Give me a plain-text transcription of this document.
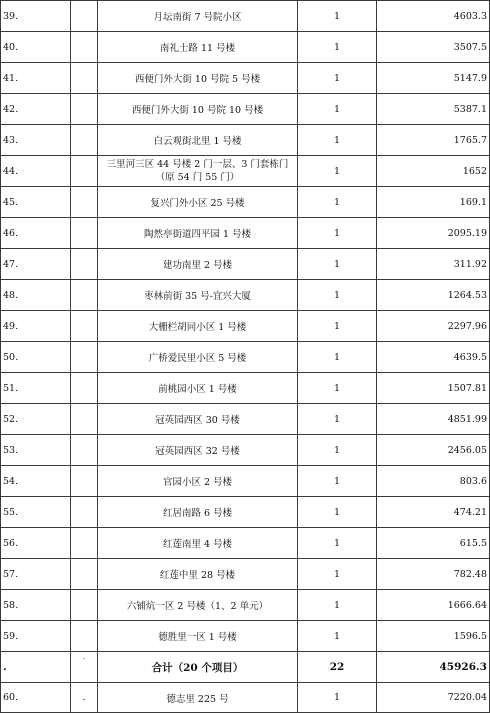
39.		月坛南街 7 号院小区	1	4603.3
40.		南礼士路 11 号楼	1	3507.5
41.		西便门外大街 10 号院 5 号楼	1	5147.9
42.		西便门外大街 10 号院 10 号楼	1	5387.1
43.		白云观街北里 1 号楼	1	1765.7
44.		三里河三区 44 号楼 2 门一层、3 门套栋门（原 54 门 55 门）	1	1652
45.		复兴门外小区 25 号楼	1	169.1
46.		陶然亭街道四平园 1 号楼	1	2095.19
47.		建功南里 2 号楼	1	311.92
48.		枣林前街 35 号-宜兴大厦	1	1264.53
49.		大栅栏胡同小区 1 号楼	1	2297.96
50.		广桥爱民里小区 5 号楼	1	4639.5
51.		前桃园小区 1 号楼	1	1507.81
52.		冠英园西区 30 号楼	1	4851.99
53.		冠英园西区 32 号楼	1	2456.05
54.		官园小区 2 号楼	1	803.6
55.		红居南路 6 号楼	1	474.21
56.		红莲南里 4 号楼	1	615.5
57.		红莲中里 28 号楼	1	782.48
58.		六铺炕一区 2 号楼（1、2 单元）	1	1666.64
59.		德胜里一区 1 号楼	1	1596.5
.	.	合计（20 个项目）	22	45926.3
60.	.	德志里 225 号	1	7220.04
